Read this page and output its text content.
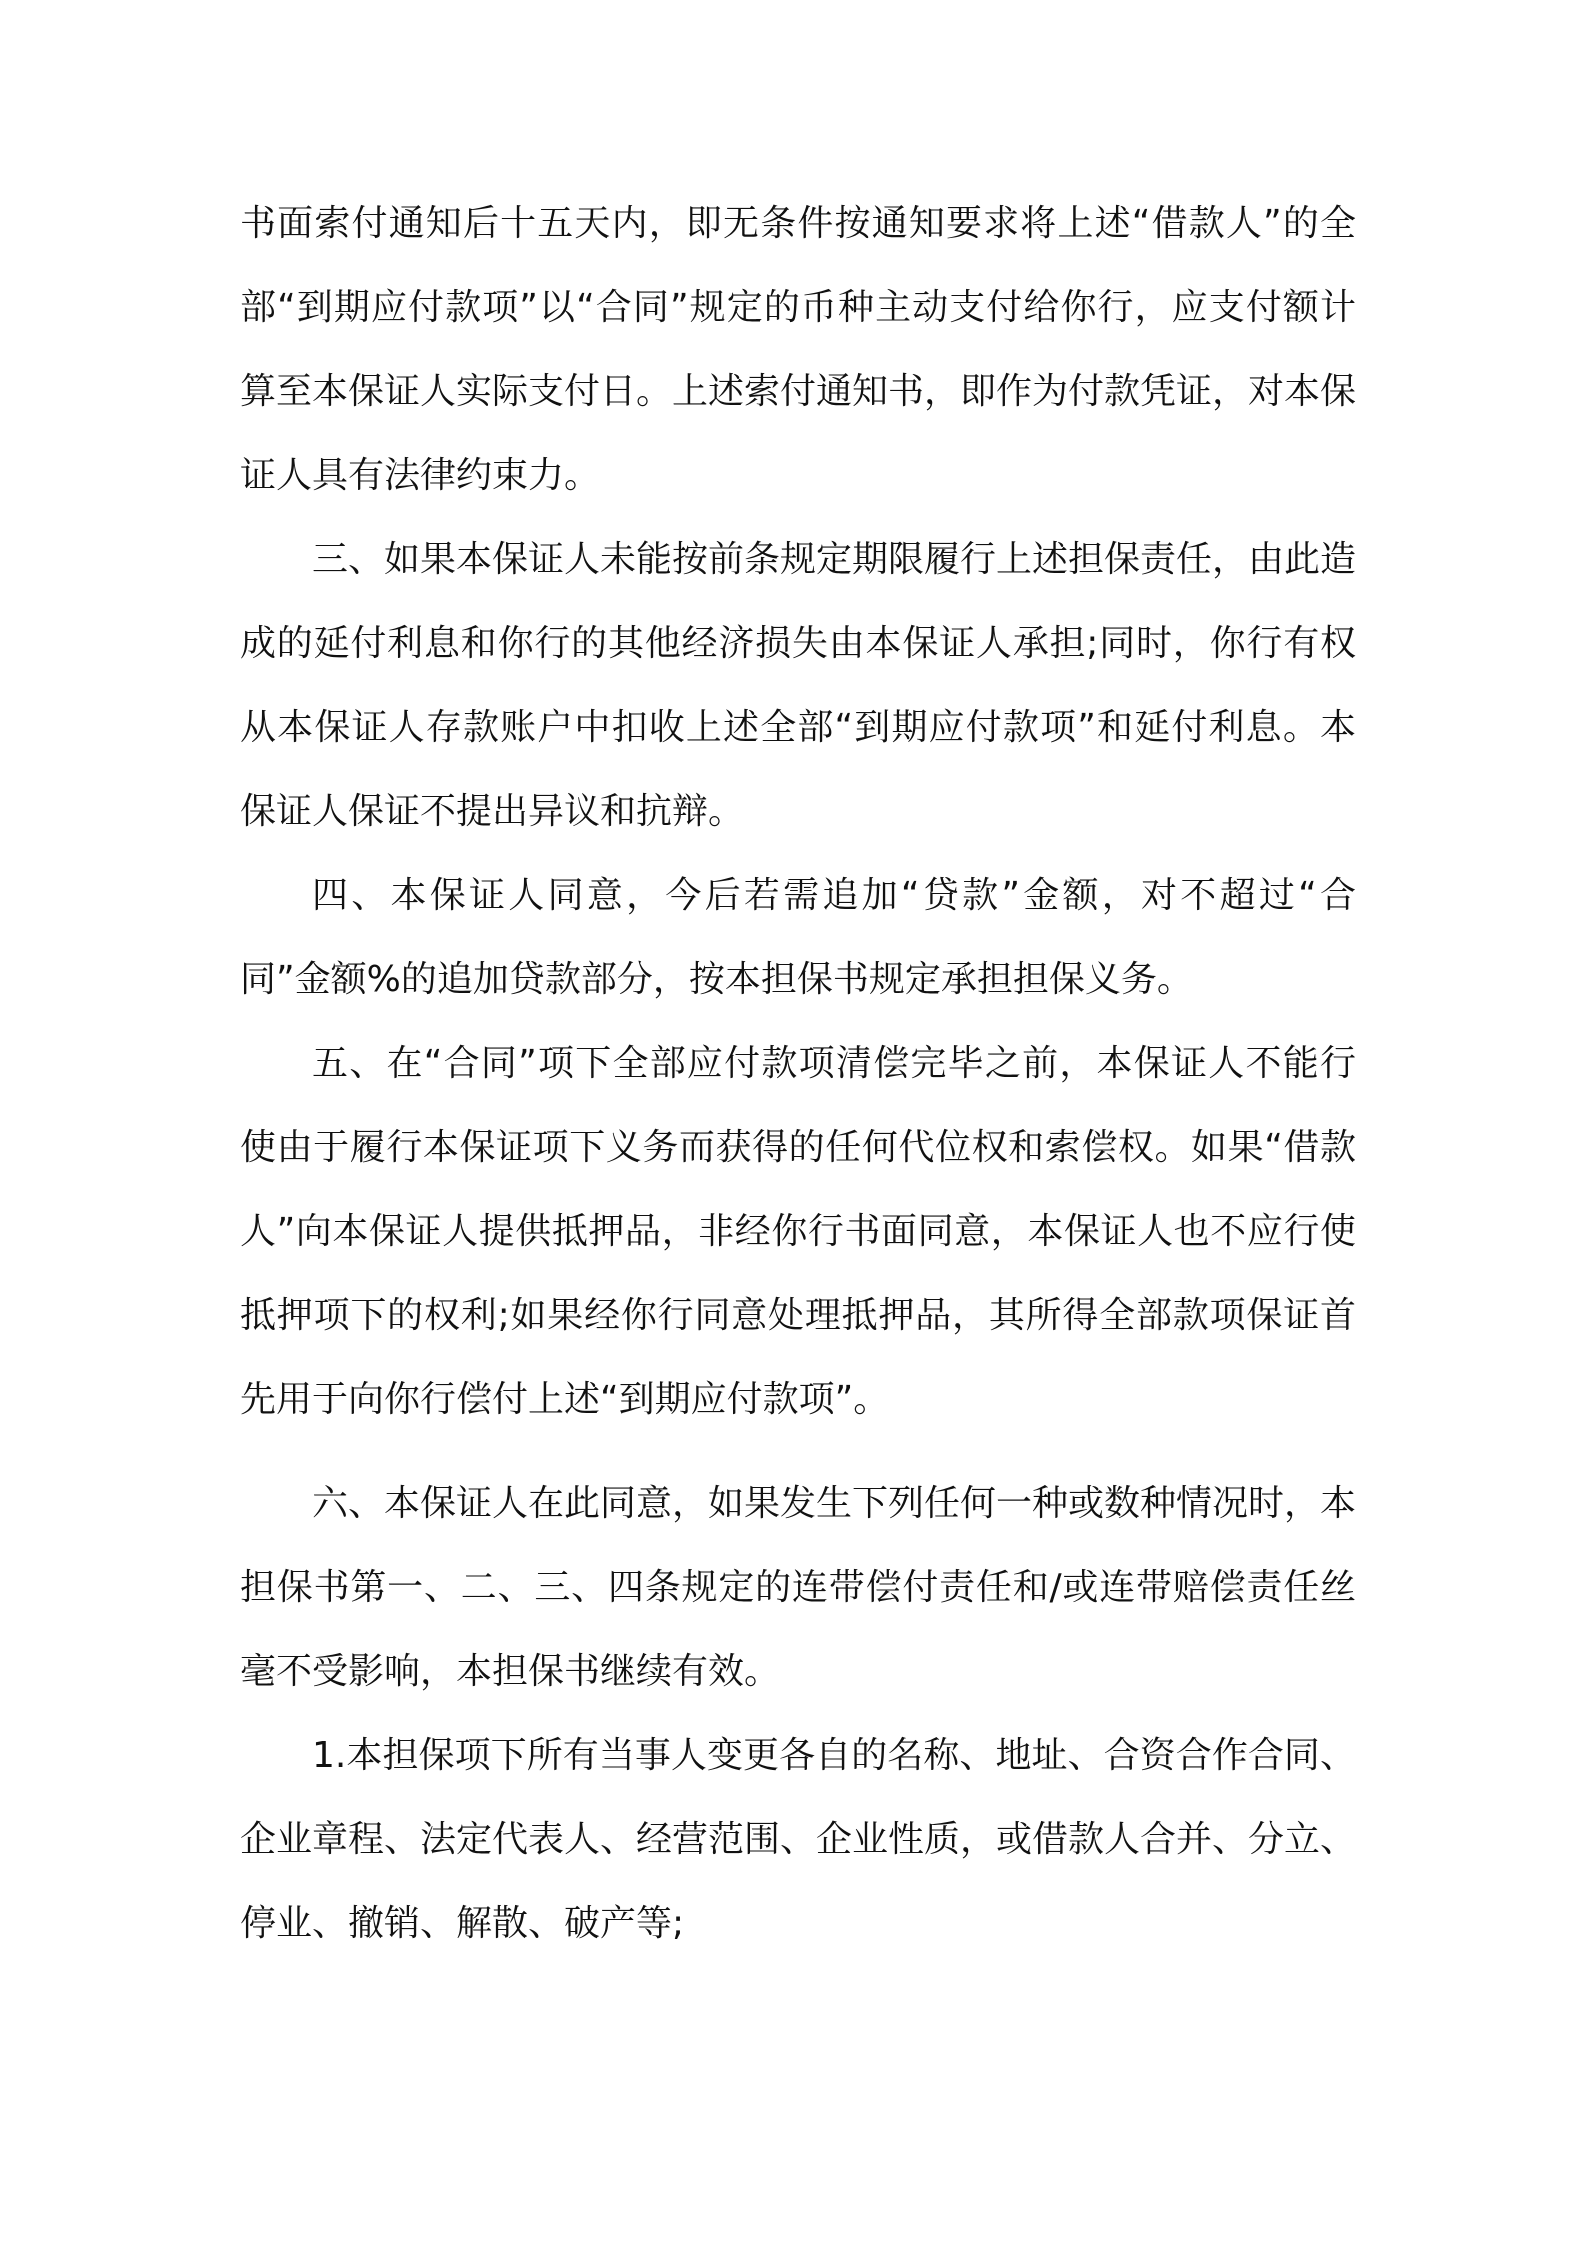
书面索付通知后十五天内，即无条件按通知要求将上述“借款人”的全部“到期应付款项”以“合同”规定的币种主动支付给你行，应支付额计算至本保证人实际支付日。上述索付通知书，即作为付款凭证，对本保证人具有法律约束力。

三、如果本保证人未能按前条规定期限履行上述担保责任，由此造成的延付利息和你行的其他经济损失由本保证人承担;同时，你行有权从本保证人存款账户中扣收上述全部“到期应付款项”和延付利息。本保证人保证不提出异议和抗辩。

四、本保证人同意，今后若需追加“贷款”金额，对不超过“合同”金额%的追加贷款部分，按本担保书规定承担担保义务。

五、在“合同”项下全部应付款项清偿完毕之前，本保证人不能行使由于履行本保证项下义务而获得的任何代位权和索偿权。如果“借款人”向本保证人提供抵押品，非经你行书面同意，本保证人也不应行使抵押项下的权利;如果经你行同意处理抵押品，其所得全部款项保证首先用于向你行偿付上述“到期应付款项”。

六、本保证人在此同意，如果发生下列任何一种或数种情况时，本担保书第一、二、三、四条规定的连带偿付责任和/或连带赔偿责任丝毫不受影响，本担保书继续有效。

1.本担保项下所有当事人变更各自的名称、地址、合资合作合同、企业章程、法定代表人、经营范围、企业性质，或借款人合并、分立、停业、撤销、解散、破产等;
